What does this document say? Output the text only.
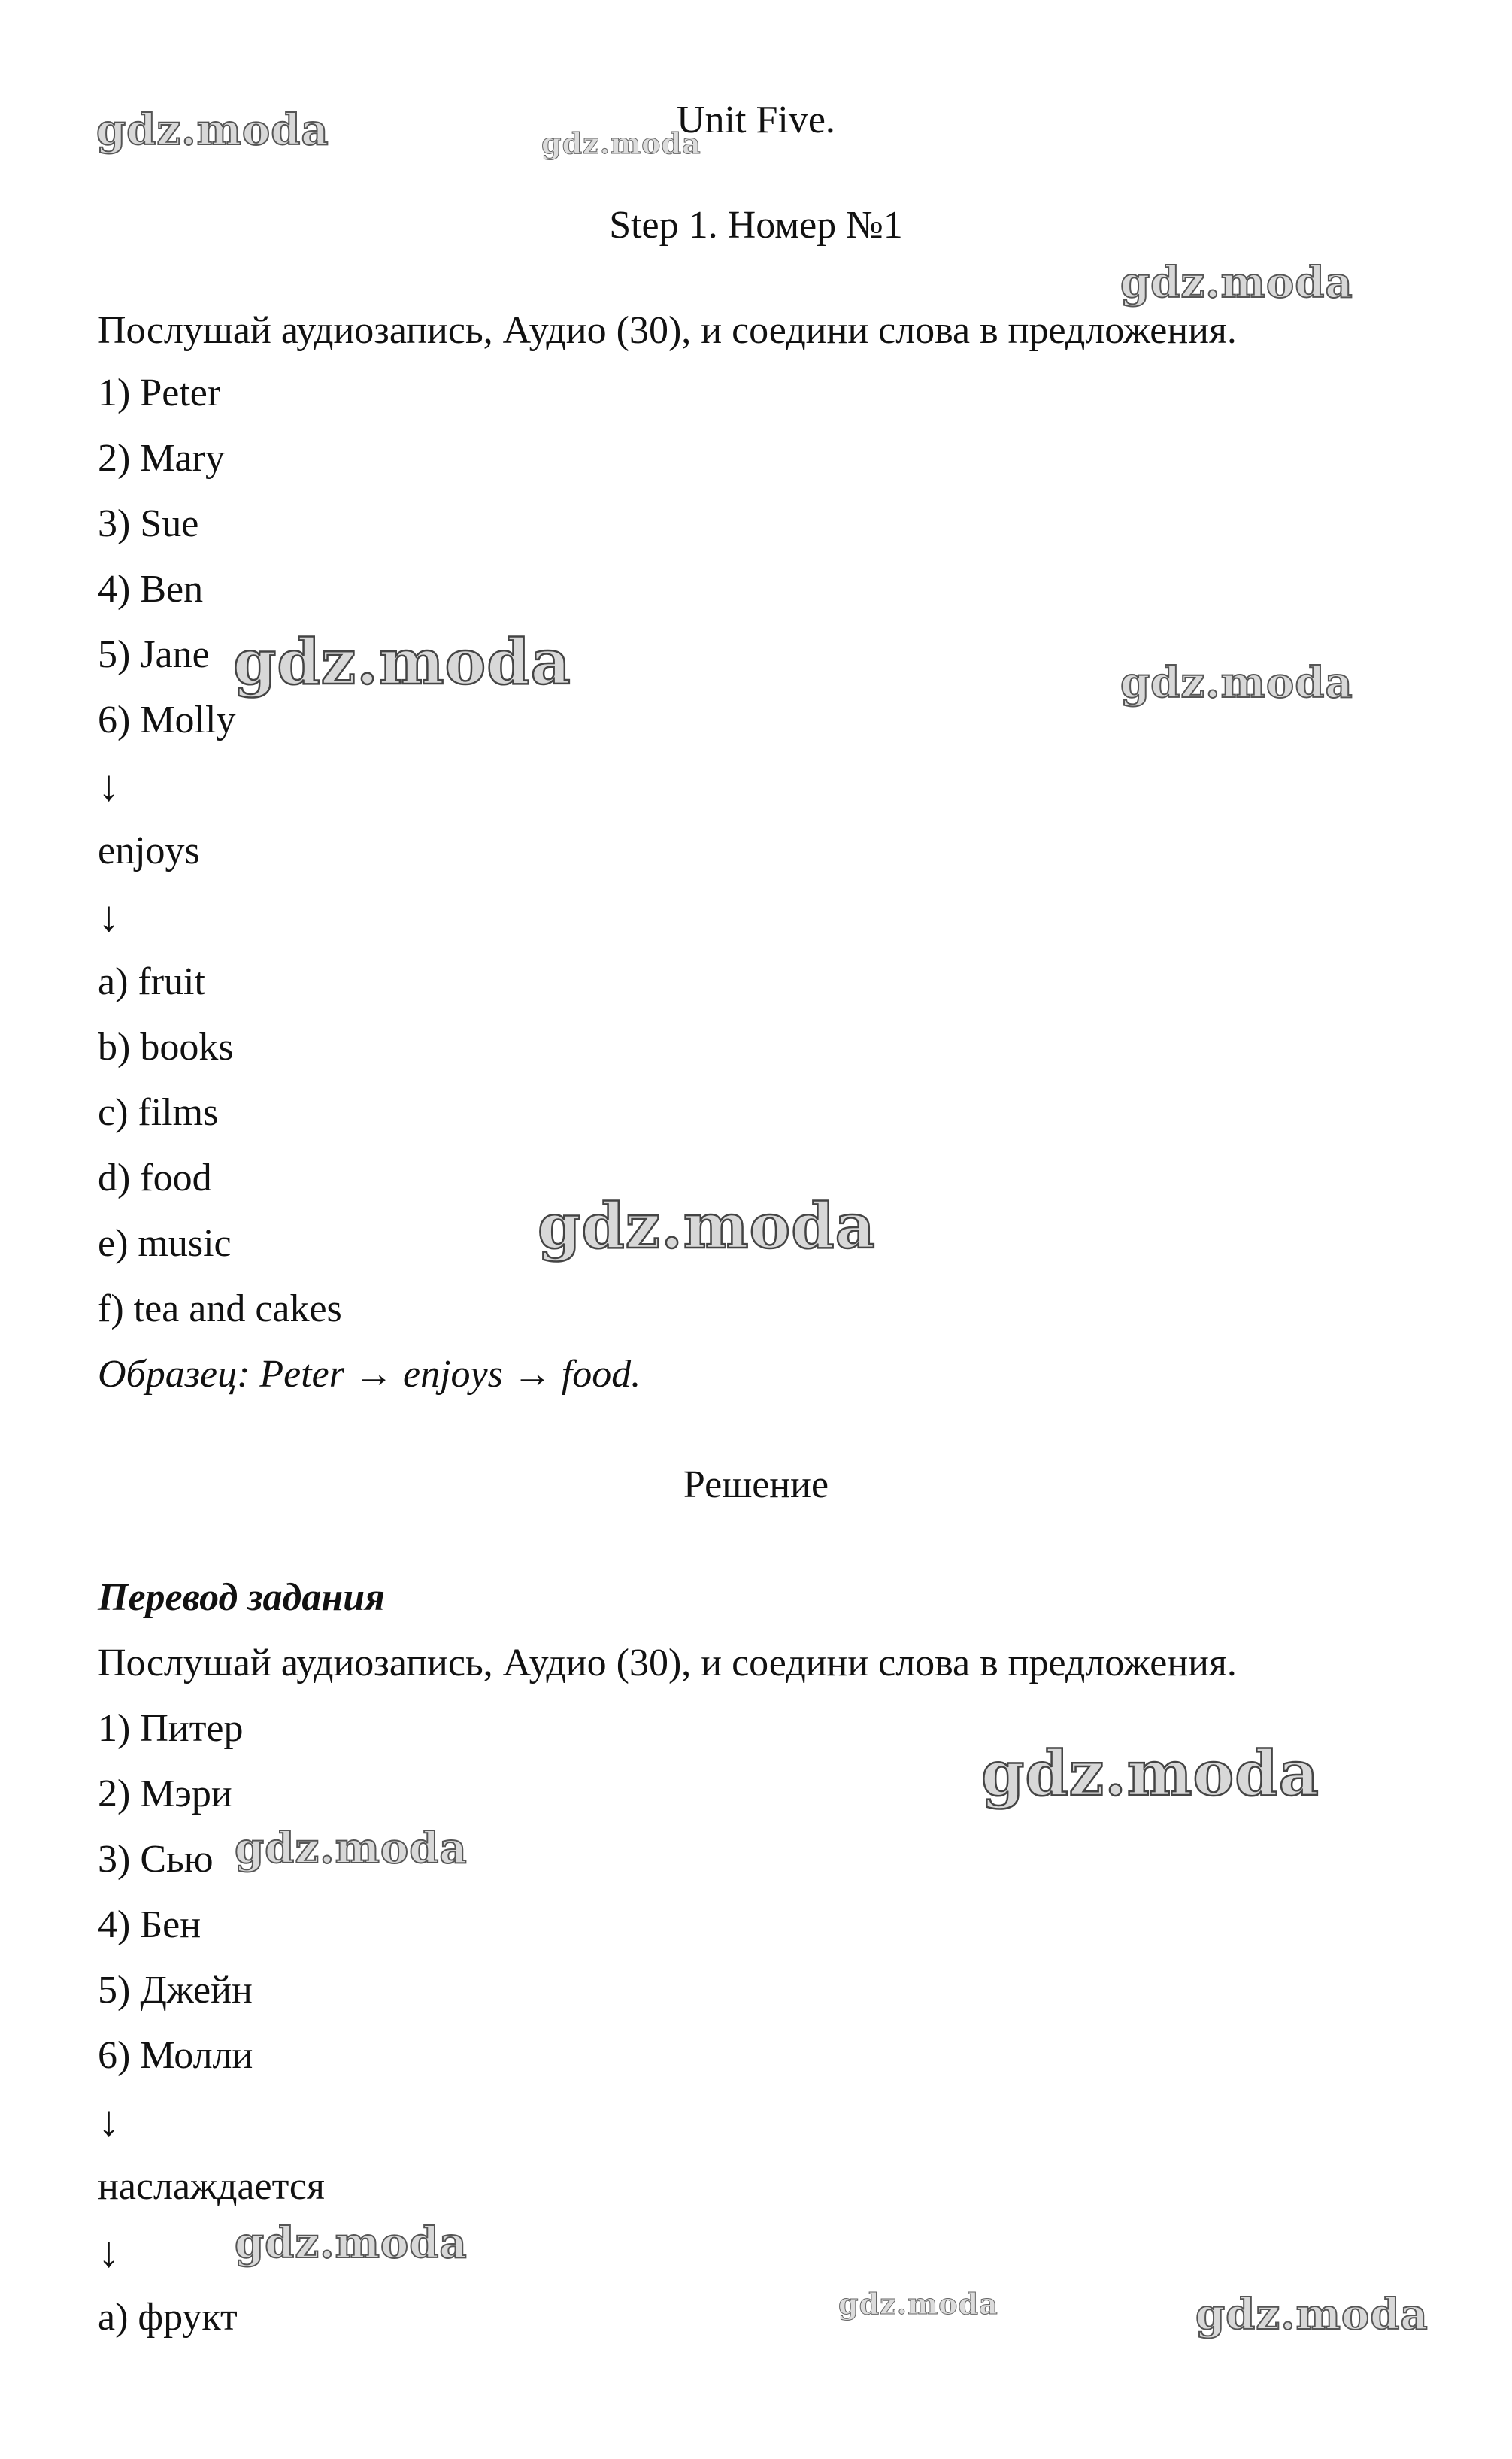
Unit Five.
Step 1. Номер №1
Послушай аудиозапись, Аудио (30), и соедини слова в предложения.
1) Peter
2) Mary
3) Sue
4) Ben
5) Jane
6) Molly
↓
enjoys
↓
a) fruit
b) books
c) films
d) food
e) music
f) tea and cakes
Образец: Peter → enjoys → food.
Решение
Перевод задания
Послушай аудиозапись, Аудио (30), и соедини слова в предложения.
1) Питер
2) Мэри
3) Сью
4) Бен
5) Джейн
6) Молли
↓
наслаждается
↓
а) фрукт
gdz.moda	gdz.moda
gdz.moda
gdz.moda	gdz.moda
gdz.moda
gdz.moda
gdz.moda
gdz.moda
gdz.moda	gdz.moda
